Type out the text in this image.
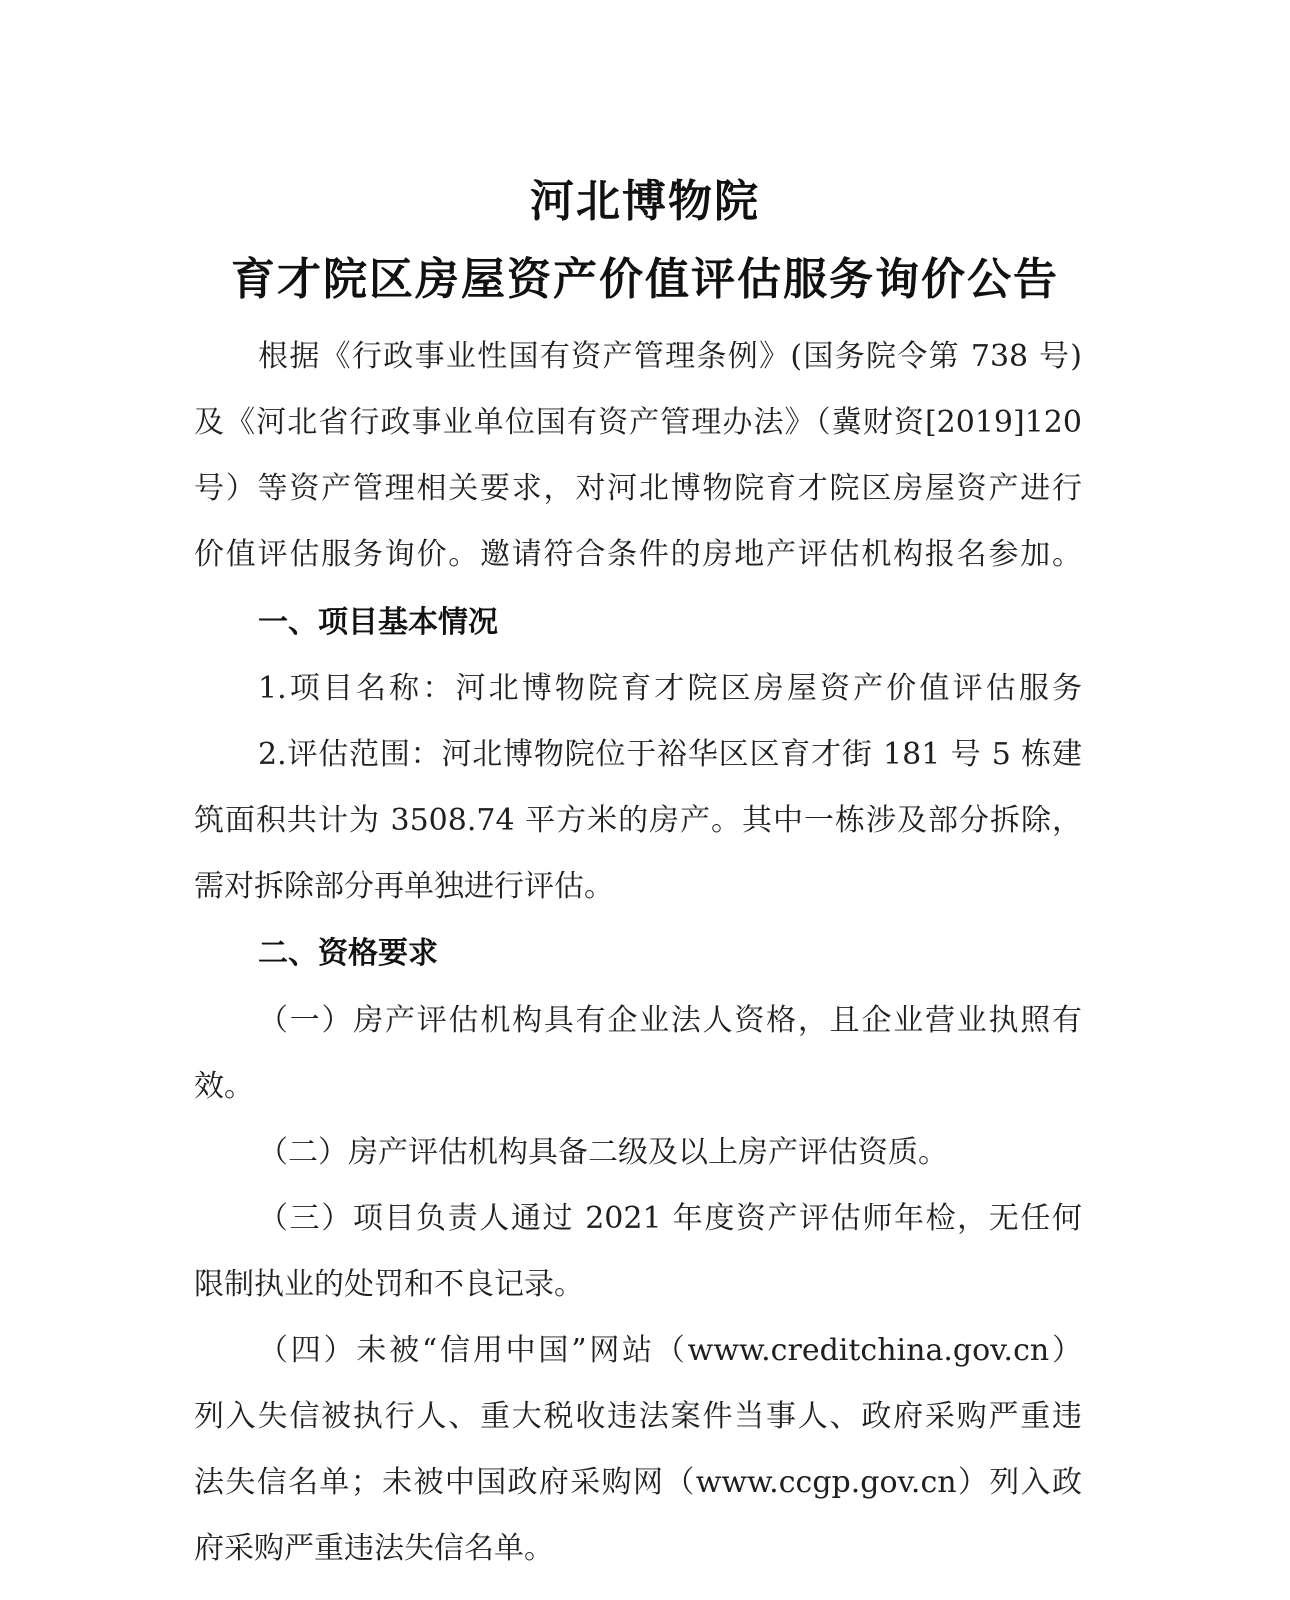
河北博物院
育才院区房屋资产价值评估服务询价公告
根据《行政事业性国有资产管理条例》(国务院令第 738 号)
及《河北省行政事业单位国有资产管理办法》（冀财资[2019]120
号）等资产管理相关要求，对河北博物院育才院区房屋资产进行
价值评估服务询价。邀请符合条件的房地产评估机构报名参加。
一、项目基本情况
1.项目名称：河北博物院育才院区房屋资产价值评估服务
2.评估范围：河北博物院位于裕华区区育才街 181 号 5 栋建
筑面积共计为 3508.74 平方米的房产。其中一栋涉及部分拆除，
需对拆除部分再单独进行评估。
二、资格要求
（一）房产评估机构具有企业法人资格，且企业营业执照有
效。
（二）房产评估机构具备二级及以上房产评估资质。
（三）项目负责人通过 2021 年度资产评估师年检，无任何
限制执业的处罚和不良记录。
（四）未被“信用中国”网站（www.creditchina.gov.cn）
列入失信被执行人、重大税收违法案件当事人、政府采购严重违
法失信名单；未被中国政府采购网（www.ccgp.gov.cn）列入政
府采购严重违法失信名单。
